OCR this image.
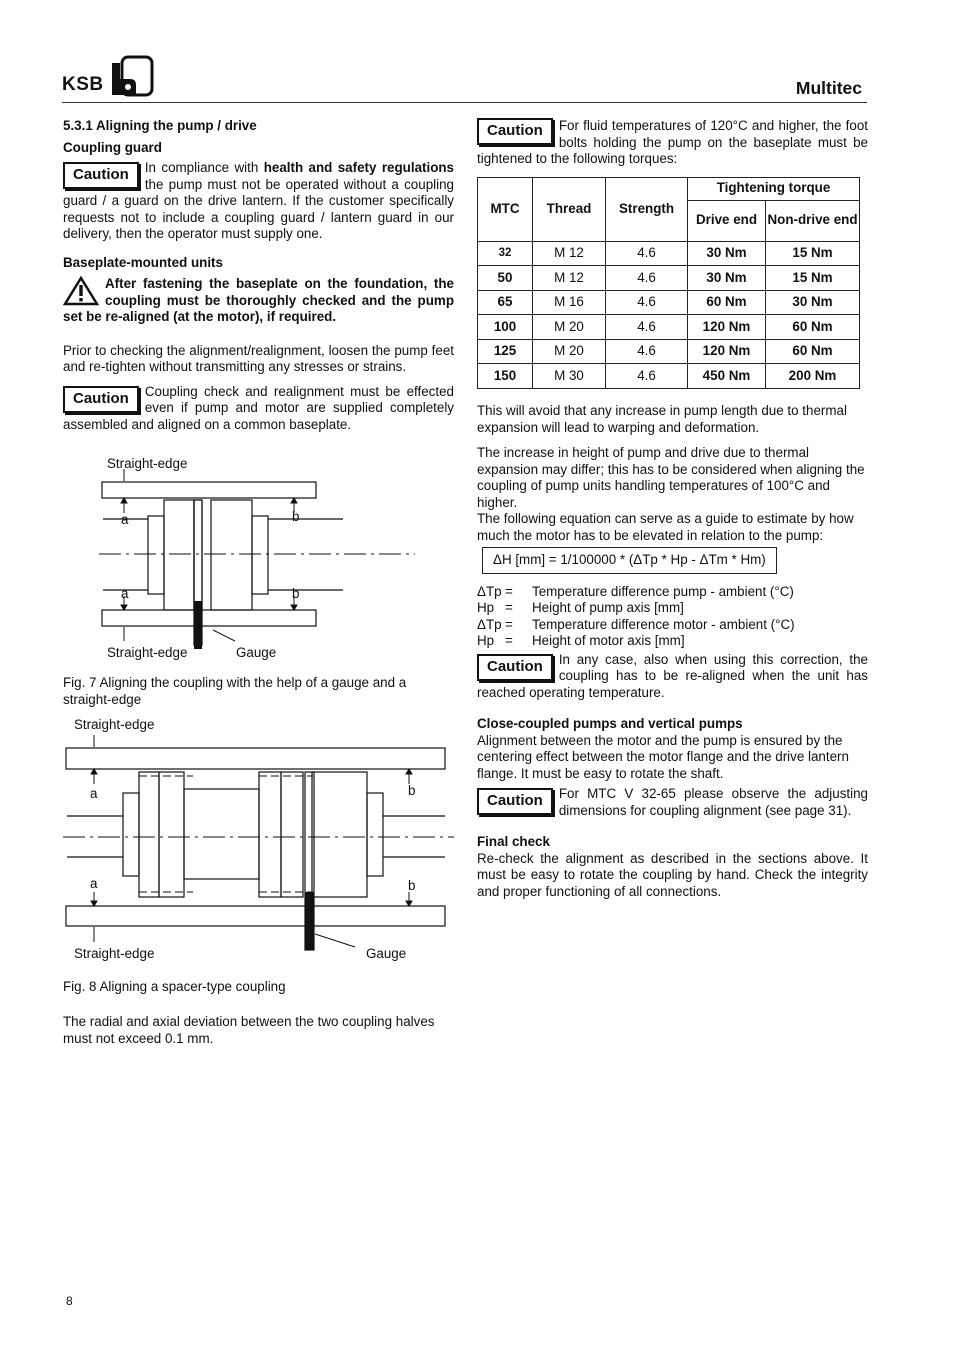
KSB	Multitec

5.3.1 Aligning the pump / drive

Coupling guard

Caution	In compliance with health and safety regulations the pump must not be operated without a coupling guard / a guard on the drive lantern. If the customer specifically requests not to include a coupling guard / lantern guard in our delivery, then the operator must supply one.

Baseplate-mounted units

After fastening the baseplate on the foundation, the coupling must be thoroughly checked and the pump set be re-aligned (at the motor), if required.

Prior to checking the alignment/realignment, loosen the pump feet and re-tighten without transmitting any stresses or strains.

Caution	Coupling check and realignment must be effected even if pump and motor are supplied completely assembled and aligned on a common baseplate.

Straight-edge
a	b
a	b
Straight-edge	Gauge

Fig. 7 Aligning the coupling with the help of a gauge and a straight-edge

Straight-edge
a	b
a	b
Straight-edge	Gauge

Fig. 8 Aligning a spacer-type coupling

The radial and axial deviation between the two coupling halves must not exceed 0.1 mm.

Caution	For fluid temperatures of 120°C and higher, the foot bolts holding the pump on the baseplate must be tightened to the following torques:

MTC	Thread	Strength	Tightening torque	
			Drive end	Non-drive end
32	M 12	4.6	30 Nm	15 Nm
50	M 12	4.6	30 Nm	15 Nm
65	M 16	4.6	60 Nm	30 Nm
100	M 20	4.6	120 Nm	60 Nm
125	M 20	4.6	120 Nm	60 Nm
150	M 30	4.6	450 Nm	200 Nm

This will avoid that any increase in pump length due to thermal expansion will lead to warping and deformation.

The increase in height of pump and drive due to thermal expansion may differ; this has to be considered when aligning the coupling of pump units handling temperatures of 100°C and higher.

The following equation can serve as a guide to estimate by how much the motor has to be elevated in relation to the pump:

ΔH [mm] = 1/100000 * (ΔTp * Hp - ΔTm * Hm)
ΔTp =	Temperature difference pump - ambient (°C)
Hp =	Height of pump axis [mm]
ΔTp =	Temperature difference motor - ambient (°C)
Hp =	Height of motor axis [mm]

Caution	In any case, also when using this correction, the coupling has to be re-aligned when the unit has reached operating temperature.

Close-coupled pumps and vertical pumps

Alignment between the motor and the pump is ensured by the centering effect between the motor flange and the drive lantern flange. It must be easy to rotate the shaft.

Caution	For MTC V 32-65 please observe the adjusting dimensions for coupling alignment (see page 31).

Final check

Re-check the alignment as described in the sections above. It must be easy to rotate the coupling by hand. Check the integrity and proper functioning of all connections.

8
